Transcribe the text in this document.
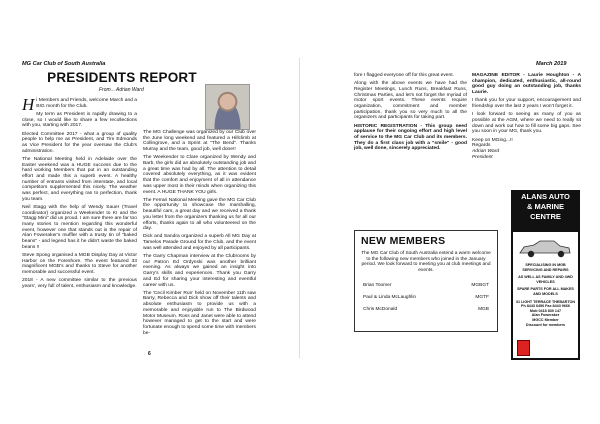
MG Car Club of South Australia
PRESIDENTS REPORT
From... Adrian Ward

Hi Members and Friends, welcome March and a BIG month for the Club.

My term as President is rapidly drawing to a close, so I would like to share a few recollections with you, starting with 2017.

Elected Committee 2017 - what a group of quality people to help me as President, and Tim Edmonds as Vice President for the year oversaw the Club's administration.

The National Meeting held in Adelaide over the Easter weekend was a HUGE success due to the hard working Members that put in an outstanding effort and made this a superb event. A healthy number of entrants visited from interstate, and local competitors supplemented this nicely. The weather was perfect, and everything ran to perfection, thank you team.

Neil Stagg with the help of Wendy Sauer (Travel coordinator) organized a Weekender to KI and the "Stagg Mini" did us proud. I am sure there are far too many stories to mention regarding this wonderful event, however one that stands out is the repair of Alan Foweraker's muffler with a trusty tin of "baked beans" - and legend has it he didn't waste the baked beans !!

Steve Spong organised a MGB Display Day at Victor Harbor on the Foreshore. The event featured 33 magnificent MGB's and thanks to Steve for another memorable and successful event.

2018 - A new committee similar to the previous years', very full of talent, enthusiasm and knowledge.

The MG Challenge was organized by our Club over the June long weekend and featured a Hillclimb at Collingrove, and a Sprint at "The Bend". Thanks Murray and the team, good job, well done!!

The Weekender to Clare organized by Wendy and Barb, the girls did an absolutely outstanding job and a great time was had by all. The attention to detail covered absolutely everything, as it was evident that the comfort and enjoyment of all in attendance was upper most in their minds when organizing this event. A HUGE THANK YOU girls.

The Ferrari National Meeting gave the MG Car Club the opportunity to showcase the marshalling, beautiful cars, a great day and we received a thank you letter from the organizers thanking us for all our efforts, thanks again to all who volunteered on the day.

Dick and Sandra organized a superb All MG Day at Tamelos Parade Ground for the Club, and the event was well attended and enjoyed by all participants.

The Garry Chapman interview at the Clubrooms by our Patron Ed Ordynski was another brilliant evening. As always we gained an insight into Garry's skills and experiences. Thank you Garry and Ed for sharing your interesting and eventful career with us.

The 'Cecil Kimber Run' held on November 11th saw Barry, Rebecca and Dick show off their talents and absolute enthusiasm to provide us with a memorable and enjoyable run to The Birdwood Motor Museum. Ross and Janet were able to attend however managed to get to the start and were fortunate enough to spend some time with members be-

6
March 2019

fore I flagged everyone off for this great event.

Along with the above events we have had the Register Meetings, Lunch Runs, Breakfast Runs, Christmas Parties, and let's not forget the myriad of motor sport events. These events require organization, commitment and member participation, thank you so very much to all the organizers and participants for taking part.

HISTORIC REGISTRATION - This group need applause for their ongoing effort and high level of service to the MG Car Club and its members. They do a first class job with a "smile" - good job, well done, sincerely appreciated.

MAGAZINE EDITOR - Laurie Houghton - A champion, dedicated, enthusiastic, all-round good guy doing an outstanding job, thanks Laurie.

I thank you for your support, encouragement and friendship over the last 2 years I won't forget it.

I look forward to seeing as many of you as possible at the AGM, where we need to really sit down and work out how to fill some big gaps. See you soon in your MG, thank you.

Keep on MGing...!!
Regards
Adrian Ward
President

NEW MEMBERS
The MG Car Club of South Australia extend a warm welcome to the following new members who joined in the January period. We look forward to meeting you at club meetings and events.
Brian Toomer	MGBGT
Paul & Linda McLaughlin	MGTF
Chris McDonald	MGB
ALANS AUTO
& MARINE
CENTRE

SPECIALISING IN MGB SERVICING AND REPAIRS

AS WELL AS FAMILY AND 4WD VEHICLES

SPARE PARTS FOR ALL MAKES AND MODELS

31 LIGHT TERRACE THEBARTON

Ph 8443 6456 Fax 8443 9666

Mob 0418 830 147

Alan Foweraker

MGCC Member

Discount for members
